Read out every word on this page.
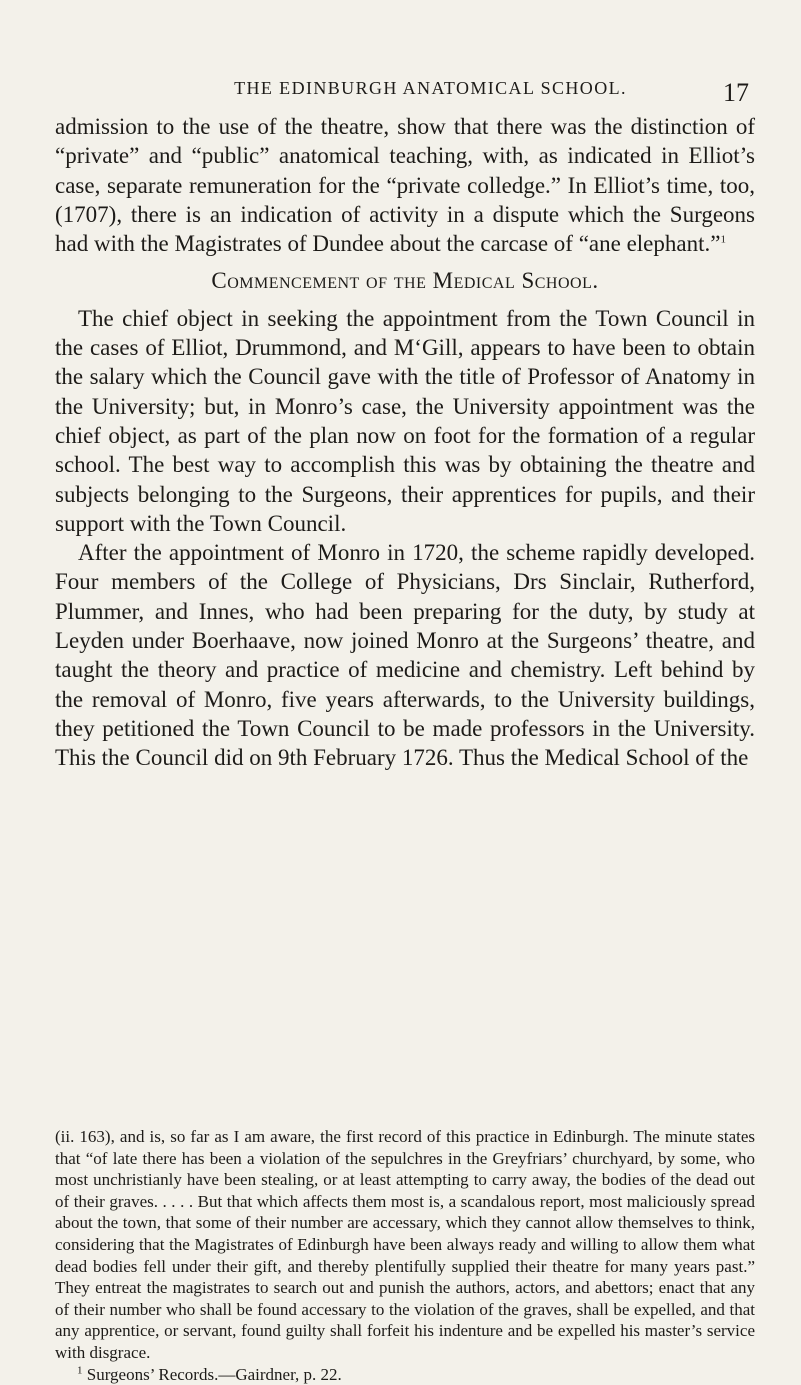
THE EDINBURGH ANATOMICAL SCHOOL.	17

admission to the use of the theatre, show that there was the distinction of “private” and “public” anatomical teaching, with, as indicated in Elliot’s case, separate remuneration for the “private colledge.” In Elliot’s time, too, (1707), there is an indication of activity in a dispute which the Surgeons had with the Magistrates of Dundee about the carcase of “ane elephant.”$^1$

Commencement of the Medical School.

The chief object in seeking the appointment from the Town Council in the cases of Elliot, Drummond, and M‘Gill, appears to have been to obtain the salary which the Council gave with the title of Professor of Anatomy in the University; but, in Monro’s case, the University appointment was the chief object, as part of the plan now on foot for the formation of a regular school. The best way to accomplish this was by obtaining the theatre and subjects belonging to the Surgeons, their apprentices for pupils, and their support with the Town Council.

After the appointment of Monro in 1720, the scheme rapidly developed. Four members of the College of Physicians, Drs Sinclair, Rutherford, Plummer, and Innes, who had been preparing for the duty, by study at Leyden under Boerhaave, now joined Monro at the Surgeons’ theatre, and taught the theory and practice of medicine and chemistry. Left behind by the removal of Monro, five years afterwards, to the University buildings, they petitioned the Town Council to be made professors in the University. This the Council did on 9th February 1726. Thus the Medical School of the

(ii. 163), and is, so far as I am aware, the first record of this practice in Edinburgh. The minute states that “of late there has been a violation of the sepulchres in the Greyfriars’ churchyard, by some, who most unchristianly have been stealing, or at least attempting to carry away, the bodies of the dead out of their graves. . . . . But that which affects them most is, a scandalous report, most maliciously spread about the town, that some of their number are accessary, which they cannot allow themselves to think, considering that the Magistrates of Edinburgh have been always ready and willing to allow them what dead bodies fell under their gift, and thereby plentifully supplied their theatre for many years past.” They entreat the magistrates to search out and punish the authors, actors, and abettors; enact that any of their number who shall be found accessary to the violation of the graves, shall be expelled, and that any apprentice, or servant, found guilty shall forfeit his indenture and be expelled his master’s service with disgrace.

$^1$ Surgeons’ Records.—Gairdner, p. 22.
